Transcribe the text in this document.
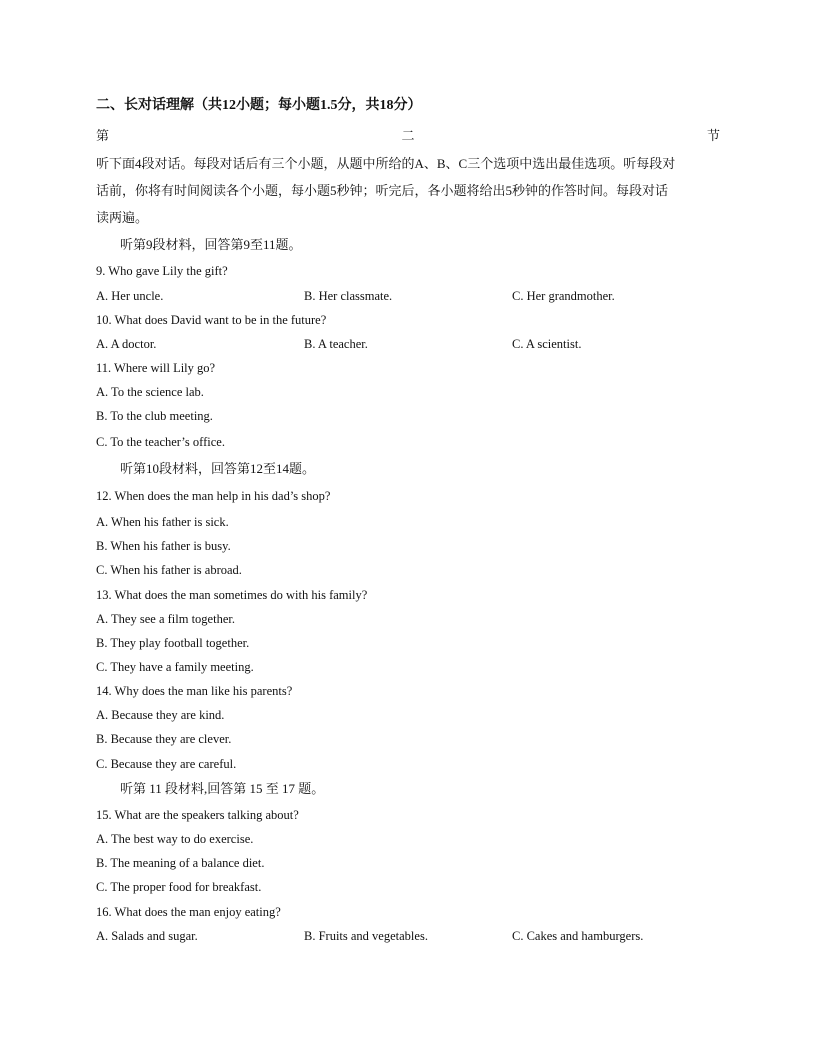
二、长对话理解（共12小题；每小题1.5分，共18分）
第	二	节
听下面4段对话。每段对话后有三个小题，从题中所给的A、B、C三个选项中选出最佳选项。听每段对
话前，你将有时间阅读各个小题，每小题5秒钟；听完后，各小题将给出5秒钟的作答时间。每段对话
读两遍。
听第9段材料，回答第9至11题。
9. Who gave Lily the gift?
A. Her uncle.	B. Her classmate.	C. Her grandmother.
10. What does David want to be in the future?
A. A doctor.	B. A teacher.	C. A scientist.
11. Where will Lily go?
A. To the science lab.
B. To the club meeting.
C. To the teacher’s office.
听第10段材料，回答第12至14题。
12. When does the man help in his dad’s shop?
A. When his father is sick.
B. When his father is busy.
C. When his father is abroad.
13. What does the man sometimes do with his family?
A. They see a film together.
B. They play football together.
C. They have a family meeting.
14. Why does the man like his parents?
A. Because they are kind.
B. Because they are clever.
C. Because they are careful.
听第 11 段材料,回答第 15 至 17 题。
15. What are the speakers talking about?
A. The best way to do exercise.
B. The meaning of a balance diet.
C. The proper food for breakfast.
16. What does the man enjoy eating?
A. Salads and sugar.	B. Fruits and vegetables.	C. Cakes and hamburgers.
